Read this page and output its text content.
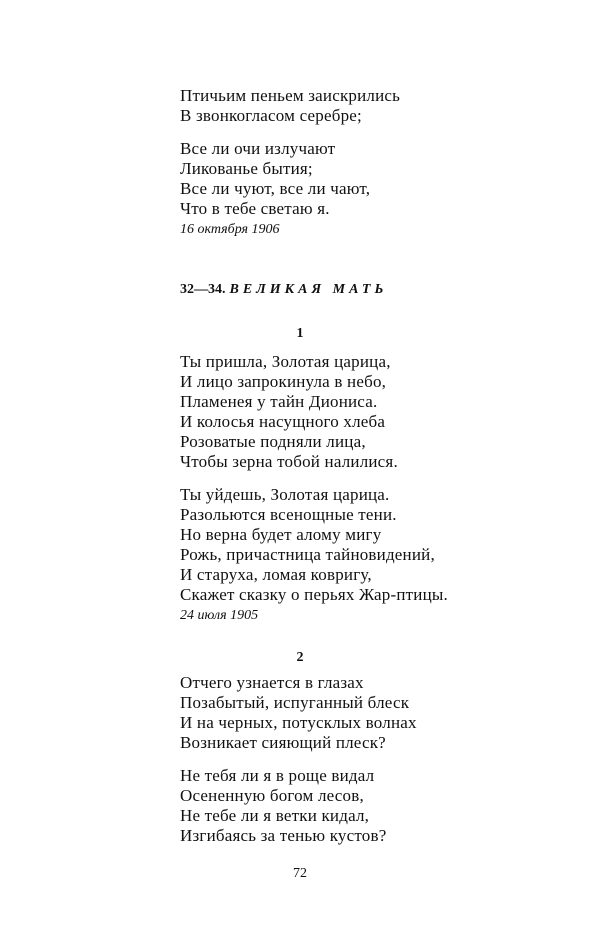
Птичьим пеньем заискрились
В звонкогласом серебре;
Все ли очи излучают
Ликованье бытия;
Все ли чуют, все ли чают,
Что в тебе светаю я.
16 октября 1906
32—34. ВЕЛИКАЯ МАТЬ
1
Ты пришла, Золотая царица,
И лицо запрокинула в небо,
Пламенея у тайн Диониса.
И колосья насущного хлеба
Розоватые подняли лица,
Чтобы зерна тобой налилися.
Ты уйдешь, Золотая царица.
Разольются всенощные тени.
Но верна будет алому мигу
Рожь, причастница тайновидений,
И старуха, ломая ковригу,
Скажет сказку о перьях Жар-птицы.
24 июля 1905
2
Отчего узнается в глазах
Позабытый, испуганный блеск
И на черных, потусклых волнах
Возникает сияющий плеск?
Не тебя ли я в роще видал
Осененную богом лесов,
Не тебе ли я ветки кидал,
Изгибаясь за тенью кустов?
72
